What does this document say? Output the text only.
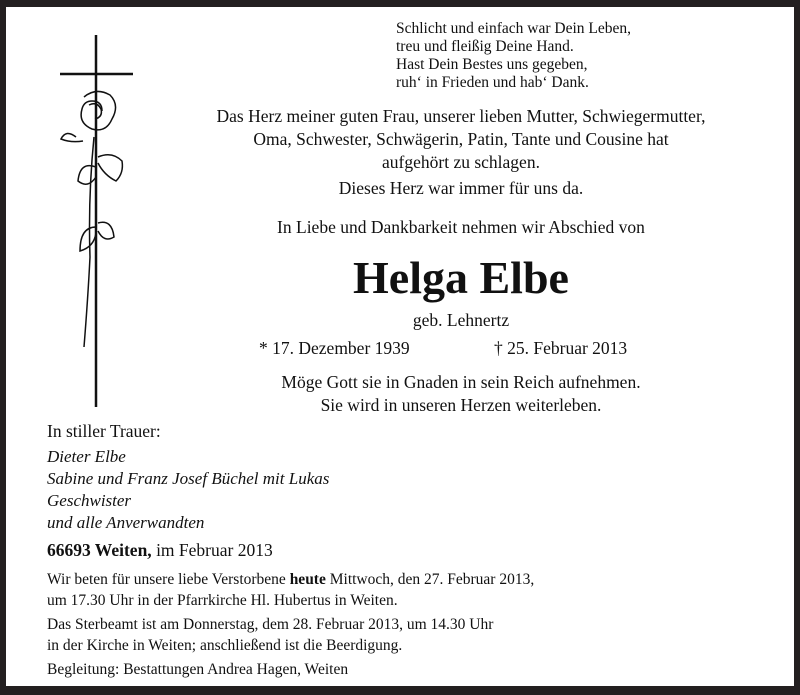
Schlicht und einfach war Dein Leben,
treu und fleißig Deine Hand.
Hast Dein Bestes uns gegeben,
ruh‘ in Frieden und hab‘ Dank.
Das Herz meiner guten Frau, unserer lieben Mutter, Schwiegermutter,
Oma, Schwester, Schwägerin, Patin, Tante und Cousine hat
aufgehört zu schlagen.
Dieses Herz war immer für uns da.
In Liebe und Dankbarkeit nehmen wir Abschied von
Helga Elbe
geb. Lehnertz
* 17. Dezember 1939	† 25. Februar 2013
Möge Gott sie in Gnaden in sein Reich aufnehmen.
Sie wird in unseren Herzen weiterleben.
In stiller Trauer:
Dieter Elbe
Sabine und Franz Josef Büchel mit Lukas
Geschwister
und alle Anverwandten
66693 Weiten, im Februar 2013
Wir beten für unsere liebe Verstorbene heute Mittwoch, den 27. Februar 2013,
um 17.30 Uhr in der Pfarrkirche Hl. Hubertus in Weiten.
Das Sterbeamt ist am Donnerstag, dem 28. Februar 2013, um 14.30 Uhr
in der Kirche in Weiten; anschließend ist die Beerdigung.
Begleitung: Bestattungen Andrea Hagen, Weiten
